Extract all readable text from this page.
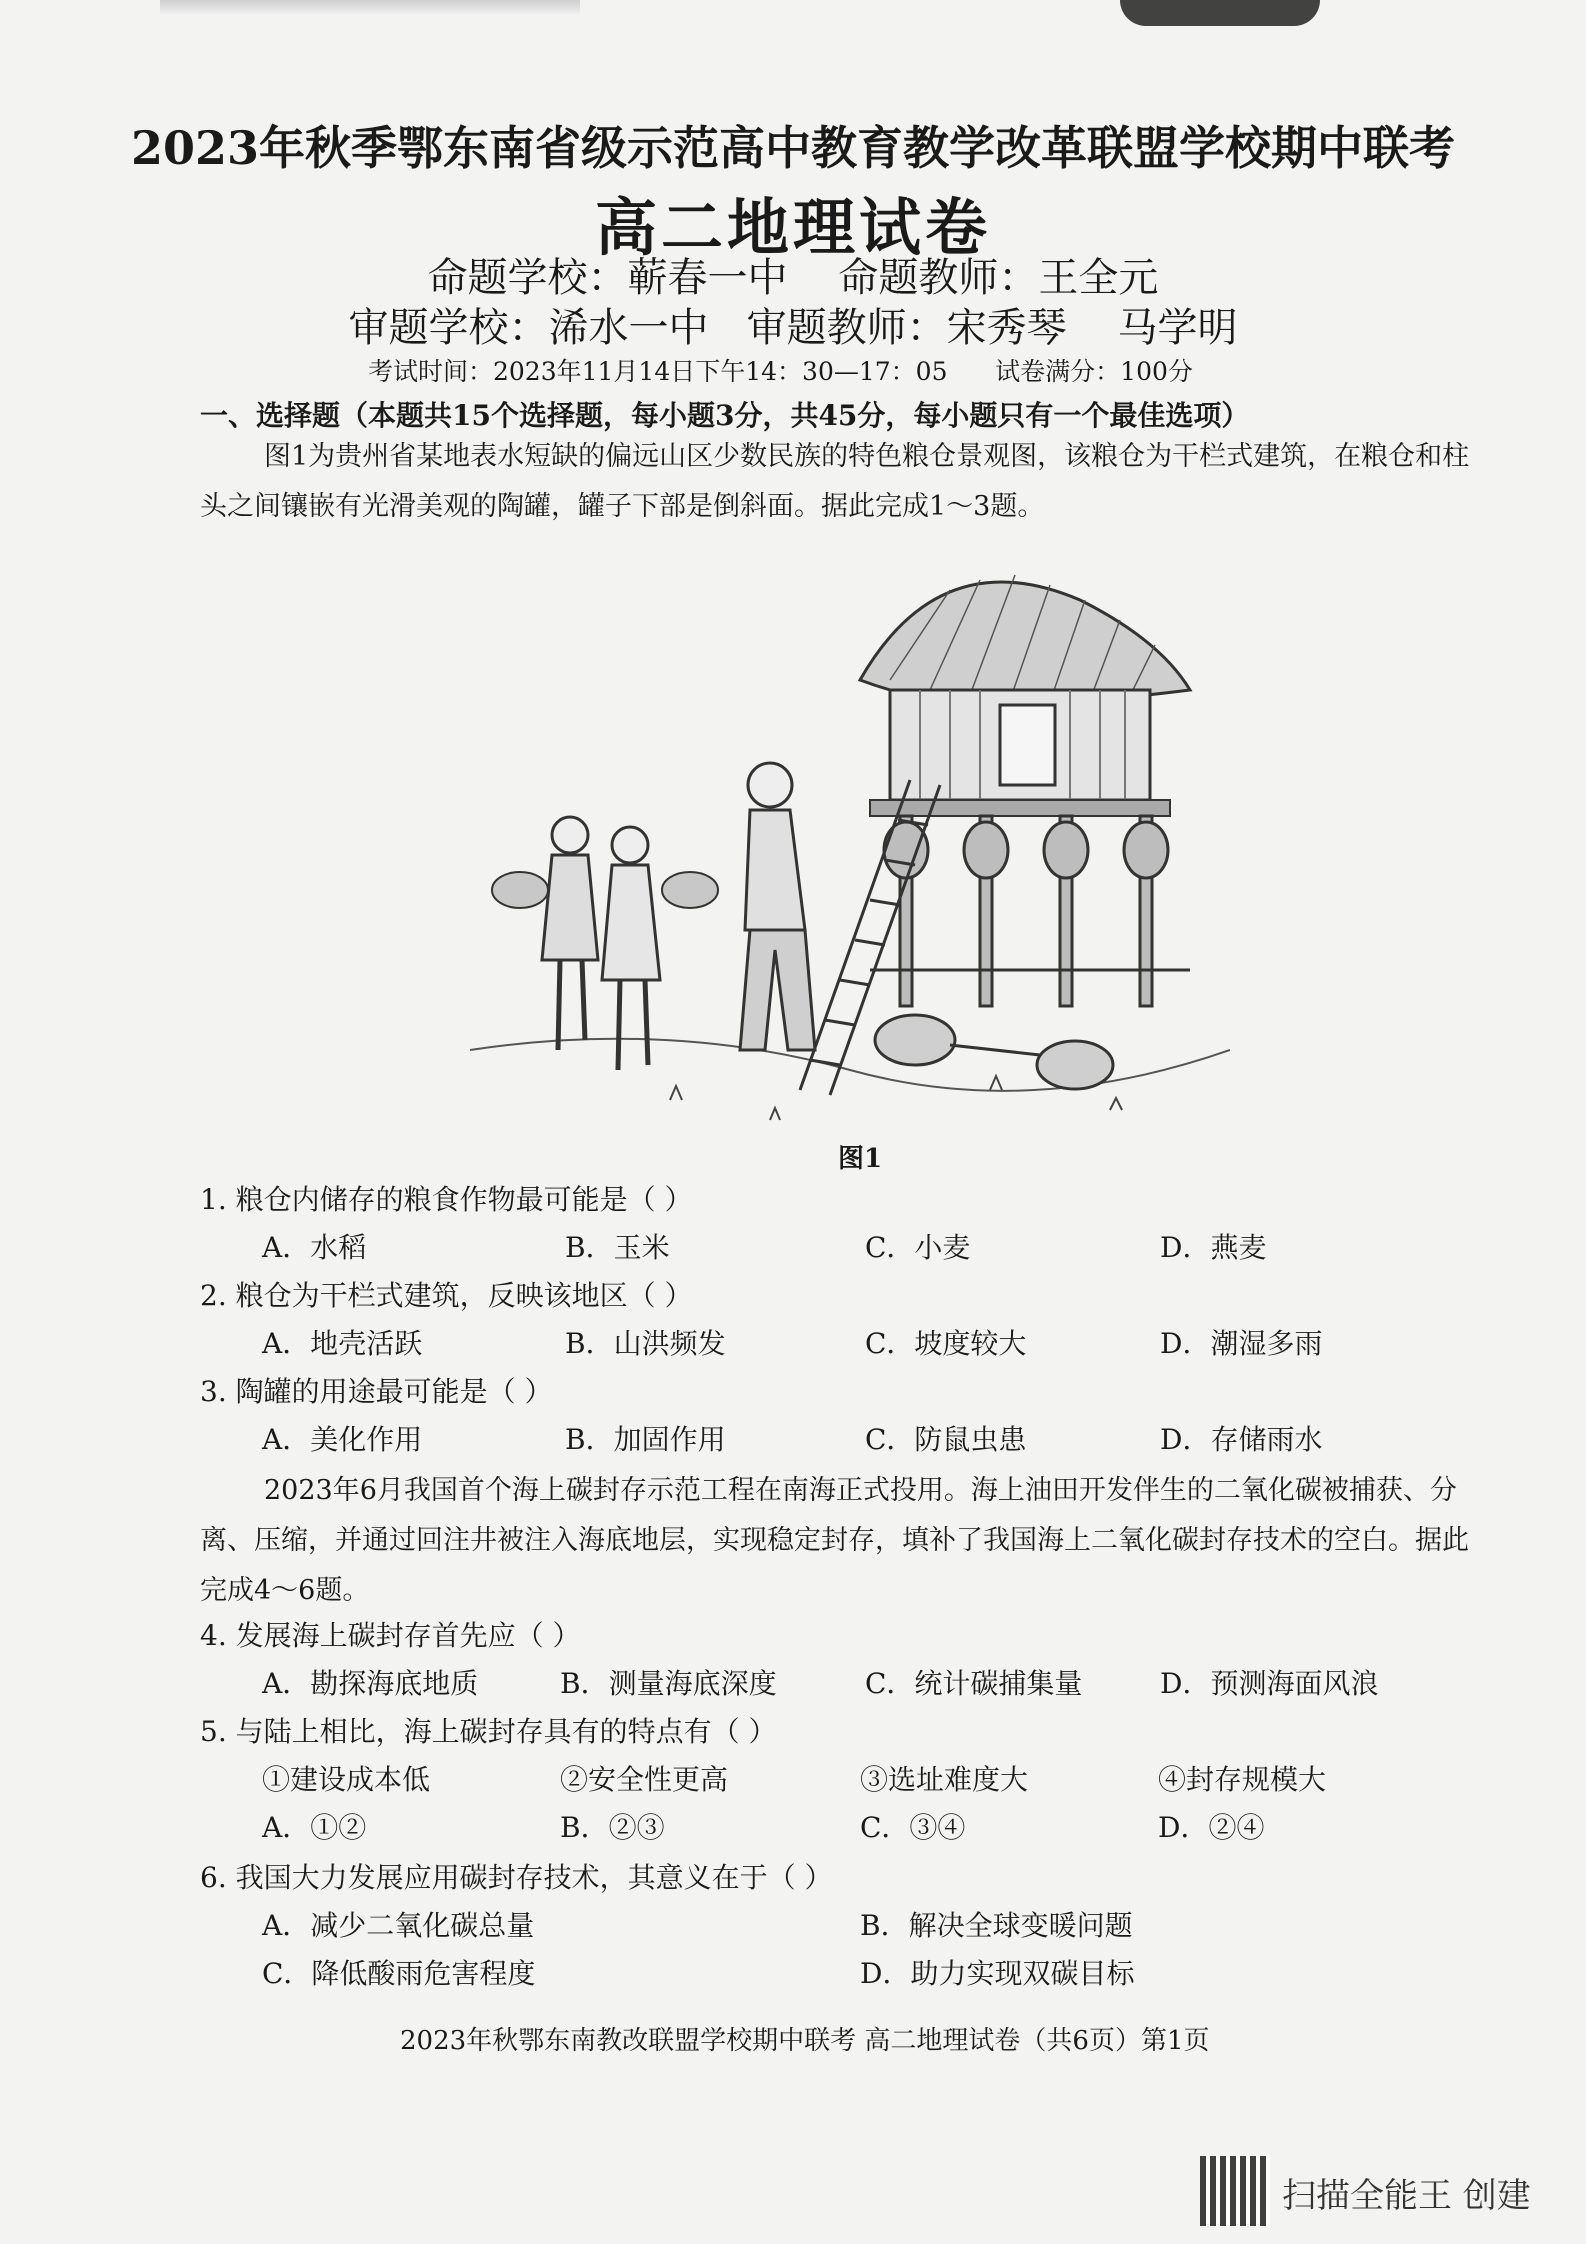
2023年秋季鄂东南省级示范高中教育教学改革联盟学校期中联考
高二地理试卷
命题学校：蕲春一中    命题教师：王全元
审题学校：浠水一中   审题教师：宋秀琴    马学明
考试时间：2023年11月14日下午14：30—17：05      试卷满分：100分
一、选择题（本题共15个选择题，每小题3分，共45分，每小题只有一个最佳选项）
图1为贵州省某地表水短缺的偏远山区少数民族的特色粮仓景观图，该粮仓为干栏式建筑，在粮仓和柱头之间镶嵌有光滑美观的陶罐，罐子下部是倒斜面。据此完成1～3题。
图1
1. 粮仓内储存的粮食作物最可能是（ ）
A．水稻	B．玉米	C．小麦	D．燕麦
2. 粮仓为干栏式建筑，反映该地区（ ）
A．地壳活跃	B．山洪频发	C．坡度较大	D．潮湿多雨
3. 陶罐的用途最可能是（ ）
A．美化作用	B．加固作用	C．防鼠虫患	D．存储雨水
2023年6月我国首个海上碳封存示范工程在南海正式投用。海上油田开发伴生的二氧化碳被捕获、分离、压缩，并通过回注井被注入海底地层，实现稳定封存，填补了我国海上二氧化碳封存技术的空白。据此完成4～6题。
4. 发展海上碳封存首先应（ ）
A．勘探海底地质	B．测量海底深度	C．统计碳捕集量	D．预测海面风浪
5. 与陆上相比，海上碳封存具有的特点有（ ）
①建设成本低	②安全性更高	③选址难度大	④封存规模大
A．①②	B．②③	C．③④	D．②④
6. 我国大力发展应用碳封存技术，其意义在于（ ）
A．减少二氧化碳总量	B．解决全球变暖问题
C．降低酸雨危害程度	D．助力实现双碳目标
2023年秋鄂东南教改联盟学校期中联考 高二地理试卷（共6页）第1页
扫描全能王 创建
